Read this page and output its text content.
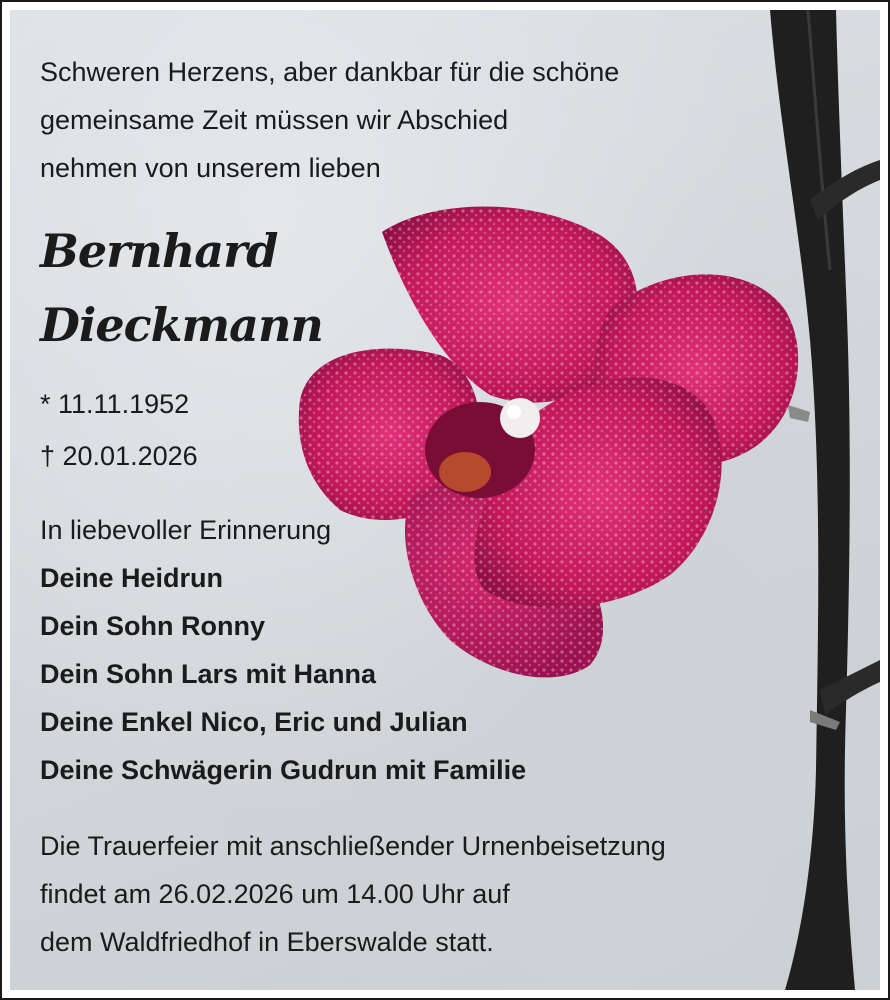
Schweren Herzens, aber dankbar für die schöne
gemeinsame Zeit müssen wir Abschied
nehmen von unserem lieben
Bernhard
Dieckmann
* 11.11.1952
† 20.01.2026
In liebevoller Erinnerung
Deine Heidrun
Dein Sohn Ronny
Dein Sohn Lars mit Hanna
Deine Enkel Nico, Eric und Julian
Deine Schwägerin Gudrun mit Familie
Die Trauerfeier mit anschließender Urnenbeisetzung
findet am 26.02.2026 um 14.00 Uhr auf
dem Waldfriedhof in Eberswalde statt.
